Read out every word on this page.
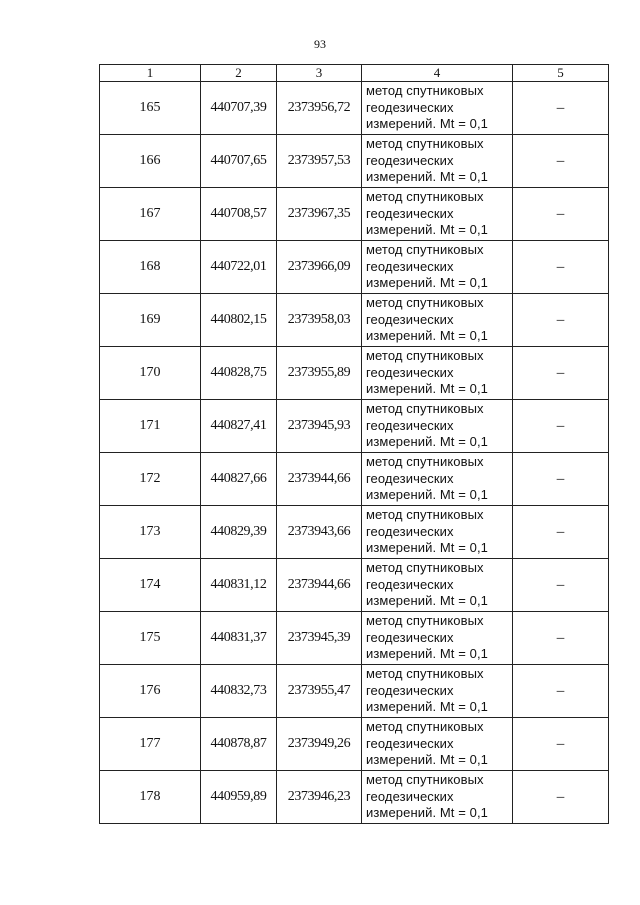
93
1	2	3	4	5
165	440707,39	2373956,72	метод спутниковых
геодезических
измерений. Mt = 0,1	–
166	440707,65	2373957,53	метод спутниковых
геодезических
измерений. Mt = 0,1	–
167	440708,57	2373967,35	метод спутниковых
геодезических
измерений. Mt = 0,1	–
168	440722,01	2373966,09	метод спутниковых
геодезических
измерений. Mt = 0,1	–
169	440802,15	2373958,03	метод спутниковых
геодезических
измерений. Mt = 0,1	–
170	440828,75	2373955,89	метод спутниковых
геодезических
измерений. Mt = 0,1	–
171	440827,41	2373945,93	метод спутниковых
геодезических
измерений. Mt = 0,1	–
172	440827,66	2373944,66	метод спутниковых
геодезических
измерений. Mt = 0,1	–
173	440829,39	2373943,66	метод спутниковых
геодезических
измерений. Mt = 0,1	–
174	440831,12	2373944,66	метод спутниковых
геодезических
измерений. Mt = 0,1	–
175	440831,37	2373945,39	метод спутниковых
геодезических
измерений. Mt = 0,1	–
176	440832,73	2373955,47	метод спутниковых
геодезических
измерений. Mt = 0,1	–
177	440878,87	2373949,26	метод спутниковых
геодезических
измерений. Mt = 0,1	–
178	440959,89	2373946,23	метод спутниковых
геодезических
измерений. Mt = 0,1	–
